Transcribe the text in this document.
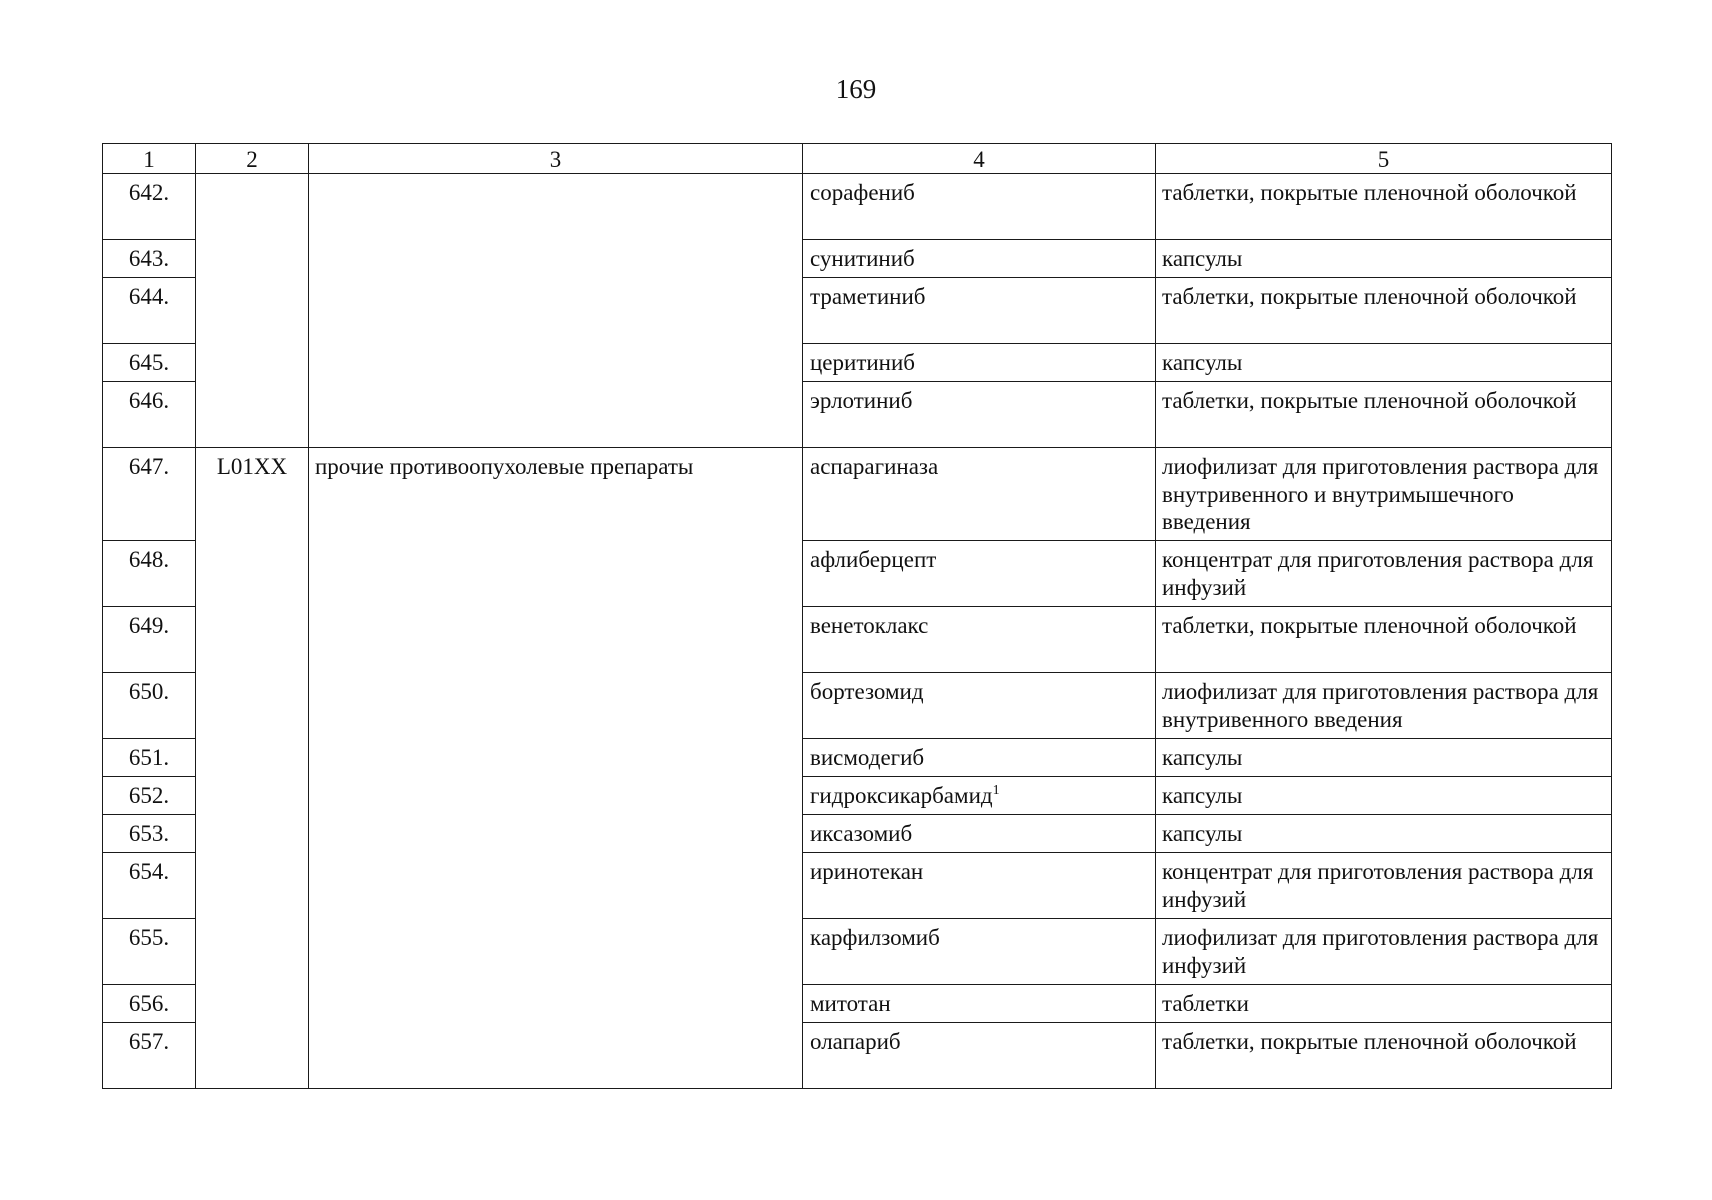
169
1	2	3	4	5
642.			сорафениб	таблетки, покрытые пленочной оболочкой
643.			сунитиниб	капсулы
644.			траметиниб	таблетки, покрытые пленочной оболочкой
645.			церитиниб	капсулы
646.			эрлотиниб	таблетки, покрытые пленочной оболочкой
647.	L01XX	прочие противоопухолевые препараты	аспарагиназа	лиофилизат для приготовления раствора для внутривенного и внутримышечного введения
648.			афлиберцепт	концентрат для приготовления раствора для инфузий
649.			венетоклакс	таблетки, покрытые пленочной оболочкой
650.			бортезомид	лиофилизат для приготовления раствора для внутривенного введения
651.			висмодегиб	капсулы
652.			гидроксикарбамид$^1$	капсулы
653.			иксазомиб	капсулы
654.			иринотекан	концентрат для приготовления раствора для инфузий
655.			карфилзомиб	лиофилизат для приготовления раствора для инфузий
656.			митотан	таблетки
657.			олапариб	таблетки, покрытые пленочной оболочкой
